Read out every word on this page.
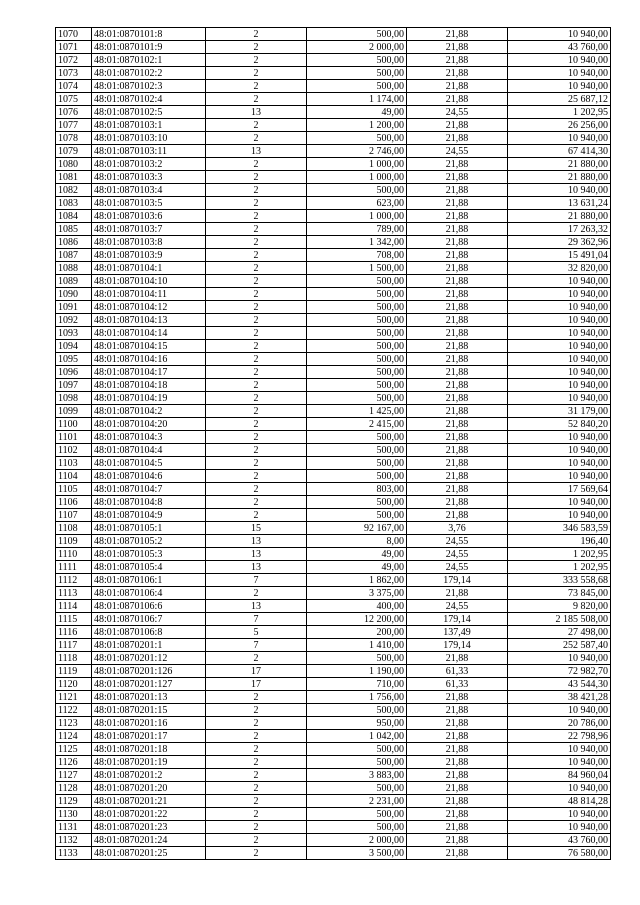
1070	48:01:0870101:8	2	500,00	21,88	10 940,00
1071	48:01:0870101:9	2	2 000,00	21,88	43 760,00
1072	48:01:0870102:1	2	500,00	21,88	10 940,00
1073	48:01:0870102:2	2	500,00	21,88	10 940,00
1074	48:01:0870102:3	2	500,00	21,88	10 940,00
1075	48:01:0870102:4	2	1 174,00	21,88	25 687,12
1076	48:01:0870102:5	13	49,00	24,55	1 202,95
1077	48:01:0870103:1	2	1 200,00	21,88	26 256,00
1078	48:01:0870103:10	2	500,00	21,88	10 940,00
1079	48:01:0870103:11	13	2 746,00	24,55	67 414,30
1080	48:01:0870103:2	2	1 000,00	21,88	21 880,00
1081	48:01:0870103:3	2	1 000,00	21,88	21 880,00
1082	48:01:0870103:4	2	500,00	21,88	10 940,00
1083	48:01:0870103:5	2	623,00	21,88	13 631,24
1084	48:01:0870103:6	2	1 000,00	21,88	21 880,00
1085	48:01:0870103:7	2	789,00	21,88	17 263,32
1086	48:01:0870103:8	2	1 342,00	21,88	29 362,96
1087	48:01:0870103:9	2	708,00	21,88	15 491,04
1088	48:01:0870104:1	2	1 500,00	21,88	32 820,00
1089	48:01:0870104:10	2	500,00	21,88	10 940,00
1090	48:01:0870104:11	2	500,00	21,88	10 940,00
1091	48:01:0870104:12	2	500,00	21,88	10 940,00
1092	48:01:0870104:13	2	500,00	21,88	10 940,00
1093	48:01:0870104:14	2	500,00	21,88	10 940,00
1094	48:01:0870104:15	2	500,00	21,88	10 940,00
1095	48:01:0870104:16	2	500,00	21,88	10 940,00
1096	48:01:0870104:17	2	500,00	21,88	10 940,00
1097	48:01:0870104:18	2	500,00	21,88	10 940,00
1098	48:01:0870104:19	2	500,00	21,88	10 940,00
1099	48:01:0870104:2	2	1 425,00	21,88	31 179,00
1100	48:01:0870104:20	2	2 415,00	21,88	52 840,20
1101	48:01:0870104:3	2	500,00	21,88	10 940,00
1102	48:01:0870104:4	2	500,00	21,88	10 940,00
1103	48:01:0870104:5	2	500,00	21,88	10 940,00
1104	48:01:0870104:6	2	500,00	21,88	10 940,00
1105	48:01:0870104:7	2	803,00	21,88	17 569,64
1106	48:01:0870104:8	2	500,00	21,88	10 940,00
1107	48:01:0870104:9	2	500,00	21,88	10 940,00
1108	48:01:0870105:1	15	92 167,00	3,76	346 583,59
1109	48:01:0870105:2	13	8,00	24,55	196,40
1110	48:01:0870105:3	13	49,00	24,55	1 202,95
1111	48:01:0870105:4	13	49,00	24,55	1 202,95
1112	48:01:0870106:1	7	1 862,00	179,14	333 558,68
1113	48:01:0870106:4	2	3 375,00	21,88	73 845,00
1114	48:01:0870106:6	13	400,00	24,55	9 820,00
1115	48:01:0870106:7	7	12 200,00	179,14	2 185 508,00
1116	48:01:0870106:8	5	200,00	137,49	27 498,00
1117	48:01:0870201:1	7	1 410,00	179,14	252 587,40
1118	48:01:0870201:12	2	500,00	21,88	10 940,00
1119	48:01:0870201:126	17	1 190,00	61,33	72 982,70
1120	48:01:0870201:127	17	710,00	61,33	43 544,30
1121	48:01:0870201:13	2	1 756,00	21,88	38 421,28
1122	48:01:0870201:15	2	500,00	21,88	10 940,00
1123	48:01:0870201:16	2	950,00	21,88	20 786,00
1124	48:01:0870201:17	2	1 042,00	21,88	22 798,96
1125	48:01:0870201:18	2	500,00	21,88	10 940,00
1126	48:01:0870201:19	2	500,00	21,88	10 940,00
1127	48:01:0870201:2	2	3 883,00	21,88	84 960,04
1128	48:01:0870201:20	2	500,00	21,88	10 940,00
1129	48:01:0870201:21	2	2 231,00	21,88	48 814,28
1130	48:01:0870201:22	2	500,00	21,88	10 940,00
1131	48:01:0870201:23	2	500,00	21,88	10 940,00
1132	48:01:0870201:24	2	2 000,00	21,88	43 760,00
1133	48:01:0870201:25	2	3 500,00	21,88	76 580,00
